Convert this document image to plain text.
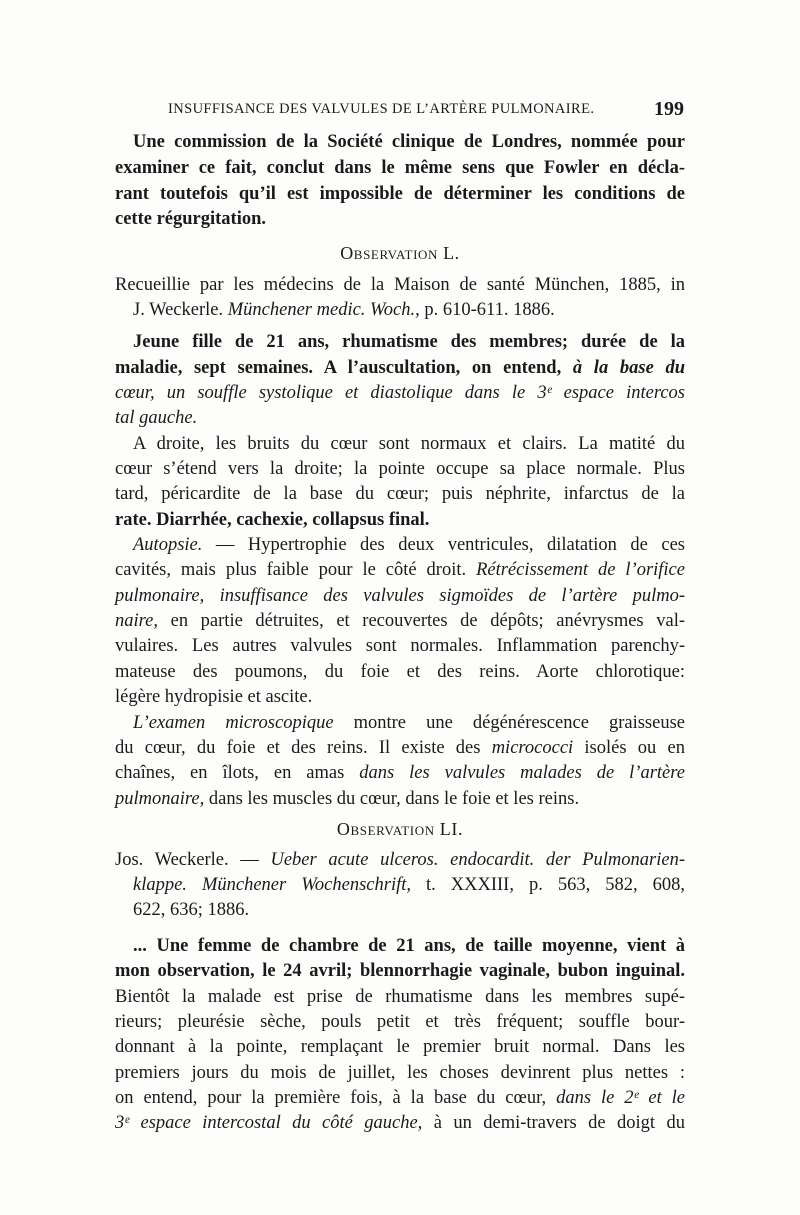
INSUFFISANCE DES VALVULES DE L’ARTÈRE PULMONAIRE.	199
Une commission de la Société clinique de Londres, nommée pour
examiner ce fait, conclut dans le même sens que Fowler en décla-
rant toutefois qu’il est impossible de déterminer les conditions de
cette régurgitation.
Observation L.
Recueillie par les médecins de la Maison de santé München, 1885, in
J. Weckerle. Münchener medic. Woch., p. 610-611. 1886.
Jeune fille de 21 ans, rhumatisme des membres; durée de la
maladie, sept semaines. A l’auscultation, on entend, à la base du
cœur, un souffle systolique et diastolique dans le 3ᵉ espace intercos
tal gauche.
A droite, les bruits du cœur sont normaux et clairs. La matité du
cœur s’étend vers la droite; la pointe occupe sa place normale. Plus
tard, péricardite de la base du cœur; puis néphrite, infarctus de la
rate. Diarrhée, cachexie, collapsus final.
Autopsie. — Hypertrophie des deux ventricules, dilatation de ces
cavités, mais plus faible pour le côté droit. Rétrécissement de l’orifice
pulmonaire, insuffisance des valvules sigmoïdes de l’artère pulmo-
naire, en partie détruites, et recouvertes de dépôts; anévrysmes val-
vulaires. Les autres valvules sont normales. Inflammation parenchy-
mateuse des poumons, du foie et des reins. Aorte chlorotique:
légère hydropisie et ascite.
L’examen microscopique montre une dégénérescence graisseuse
du cœur, du foie et des reins. Il existe des micrococci isolés ou en
chaînes, en îlots, en amas dans les valvules malades de l’artère
pulmonaire, dans les muscles du cœur, dans le foie et les reins.
Observation LI.
Jos. Weckerle. — Ueber acute ulceros. endocardit. der Pulmonarien-
klappe. Münchener Wochenschrift, t. XXXIII, p. 563, 582, 608,
622, 636; 1886.
... Une femme de chambre de 21 ans, de taille moyenne, vient à
mon observation, le 24 avril; blennorrhagie vaginale, bubon inguinal.
Bientôt la malade est prise de rhumatisme dans les membres supé-
rieurs; pleurésie sèche, pouls petit et très fréquent; souffle bour-
donnant à la pointe, remplaçant le premier bruit normal. Dans les
premiers jours du mois de juillet, les choses devinrent plus nettes :
on entend, pour la première fois, à la base du cœur, dans le 2ᵉ et le
3ᵉ espace intercostal du côté gauche, à un demi-travers de doigt du
